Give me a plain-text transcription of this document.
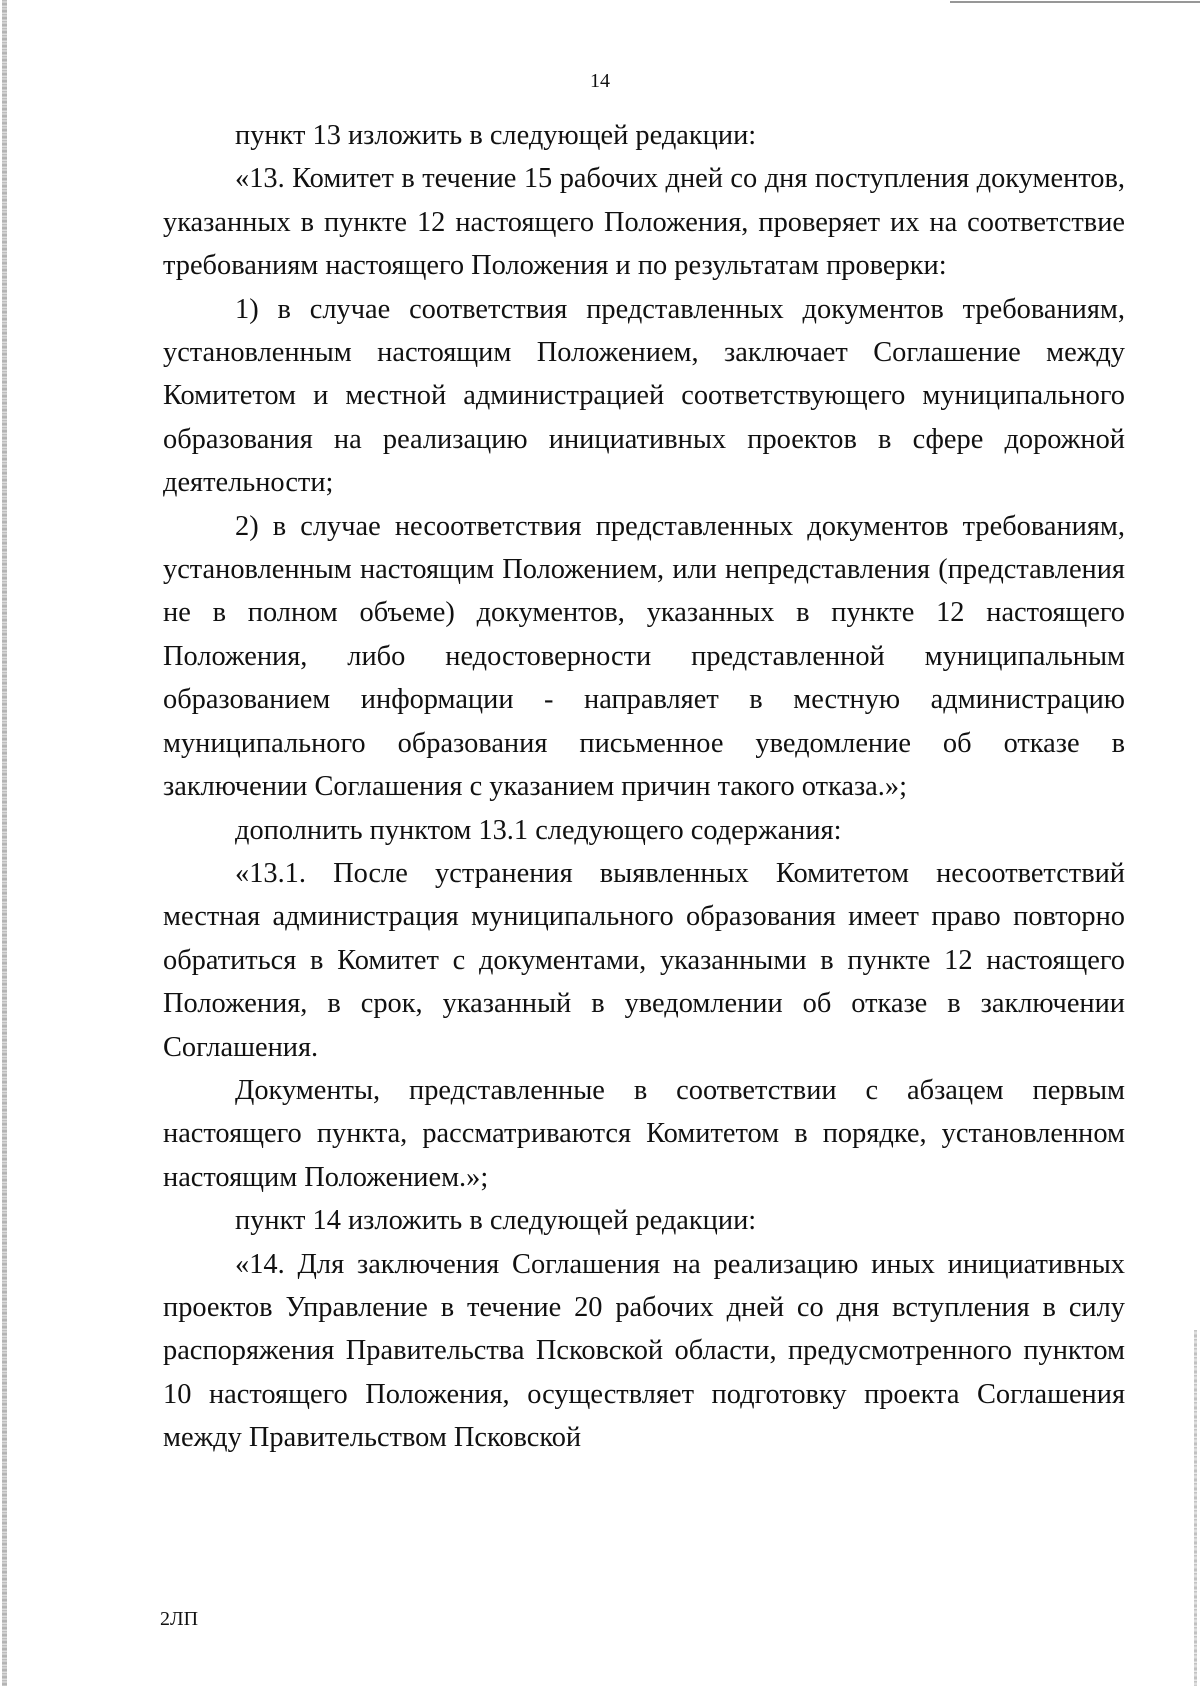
14

пункт 13 изложить в следующей редакции:

«13. Комитет в течение 15 рабочих дней со дня поступления документов, указанных в пункте 12 настоящего Положения, проверяет их на соответствие требованиям настоящего Положения и по результатам проверки:

1) в случае соответствия представленных документов требованиям, установленным настоящим Положением, заключает Соглашение между Комитетом и местной администрацией соответствующего муниципального образования на реализацию инициативных проектов в сфере дорожной деятельности;

2) в случае несоответствия представленных документов требованиям, установленным настоящим Положением, или непредставления (представления не в полном объеме) документов, указанных в пункте 12 настоящего Положения, либо недостоверности представленной муниципальным образованием информации - направляет в местную администрацию муниципального образования письменное уведомление об отказе в заключении Соглашения с указанием причин такого отказа.»;

дополнить пунктом 13.1 следующего содержания:

«13.1. После устранения выявленных Комитетом несоответствий местная администрация муниципального образования имеет право повторно обратиться в Комитет с документами, указанными в пункте 12 настоящего Положения, в срок, указанный в уведомлении об отказе в заключении Соглашения.

Документы, представленные в соответствии с абзацем первым настоящего пункта, рассматриваются Комитетом в порядке, установленном настоящим Положением.»;

пункт 14 изложить в следующей редакции:

«14. Для заключения Соглашения на реализацию иных инициативных проектов Управление в течение 20 рабочих дней со дня вступления в силу распоряжения Правительства Псковской области, предусмотренного пунктом 10 настоящего Положения, осуществляет подготовку проекта Соглашения между Правительством Псковской

2ЛП
